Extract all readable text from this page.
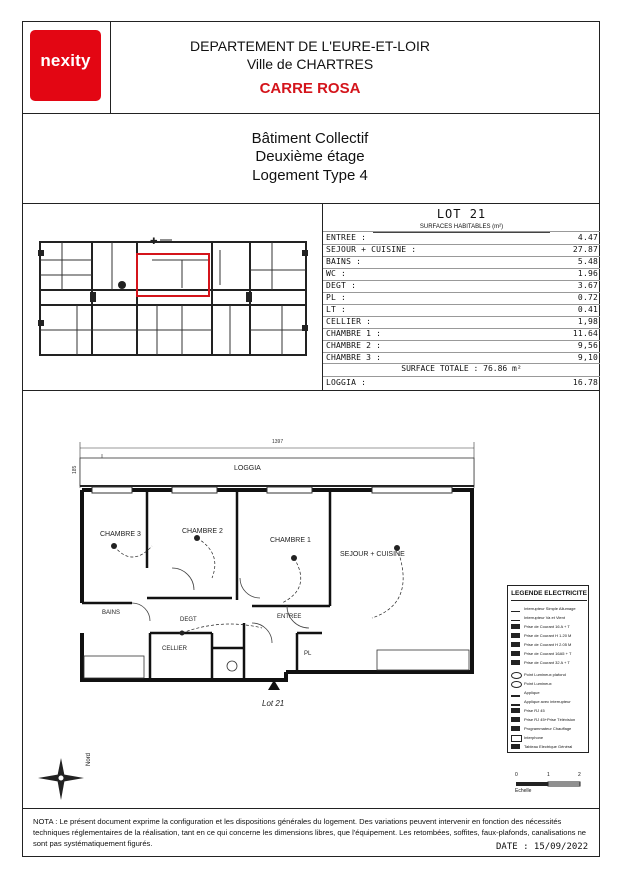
nexity
DEPARTEMENT DE L'EURE-ET-LOIR
Ville de CHARTRES
CARRE ROSA
Bâtiment Collectif
Deuxième étage
Logement Type 4
✚
LOT 21
SURFACES HABITABLES (m²)
ENTREE :	4.47
SEJOUR + CUISINE :	27.87
BAINS :	5.48
WC :	1.96
DEGT :	3.67
PL :	0.72
LT :	0.41
CELLIER :	1,98
CHAMBRE 1 :	11.64
CHAMBRE 2 :	9,56
CHAMBRE 3 :	9,10
SURFACE TOTALE : 76.86 m²
LOGGIA :	16.78
1397
185	LOGGIA
CHAMBRE 3	CHAMBRE 2
CHAMBRE 1
SEJOUR + CUISINE
BAINS
DEGT	ENTREE
CELLIER
PL
Lot 21
LEGENDE ELECTRICITE
Interrupteur Simple Allumage
Interrupteur Va et Vient
Prise de Courant 16 A + T
Prise de Courant H 1.20 M
Prise de Courant H 2.05 M
Prise de Courant 16A5 + T
Prise de Courant 32 A + T
Point Lumineux plafond
Point Lumineux
Applique
Applique avec interrupteur
Prise RJ 45
Prise RJ 45+Prise Télévision
Programmateur Chauffage
Interphone
Tableau Electrique Général
0	1	2
Echelle
Nord
NOTA : Le présent document exprime la configuration et les dispositions générales du logement. Des variations peuvent intervenir en fonction des nécessités techniques réglementaires de la réalisation, tant en ce qui concerne les dimensions libres, que l'équipement. Les retombées, soffites, faux-plafonds, canalisations ne sont pas systématiquement figurés.	DATE : 15/09/2022
